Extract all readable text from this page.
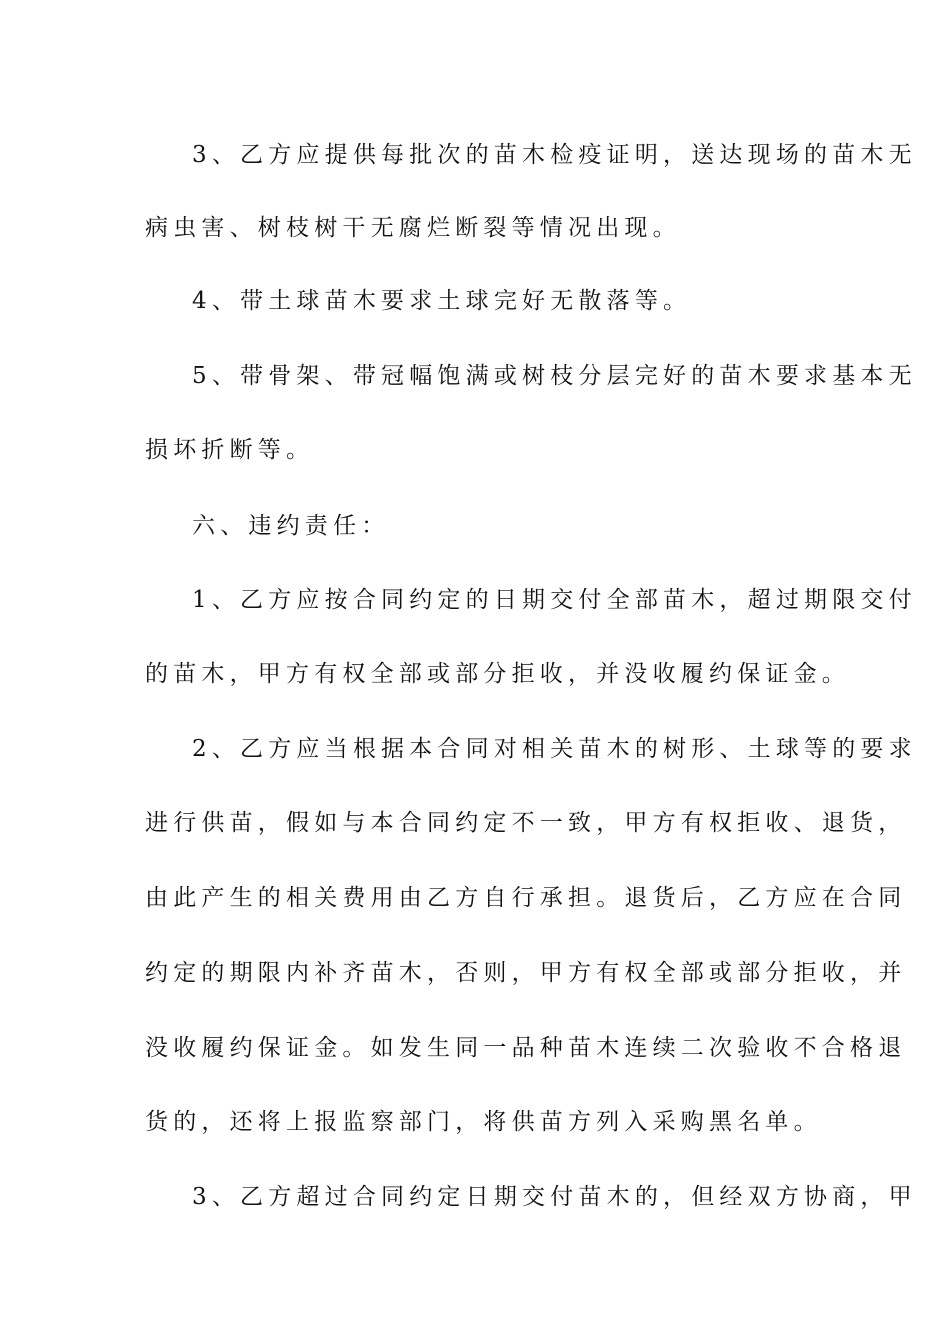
3、乙方应提供每批次的苗木检疫证明，送达现场的苗木无
病虫害、树枝树干无腐烂断裂等情况出现。
4、带土球苗木要求土球完好无散落等。
5、带骨架、带冠幅饱满或树枝分层完好的苗木要求基本无
损坏折断等。
六、违约责任：
1、乙方应按合同约定的日期交付全部苗木，超过期限交付
的苗木，甲方有权全部或部分拒收，并没收履约保证金。
2、乙方应当根据本合同对相关苗木的树形、土球等的要求
进行供苗，假如与本合同约定不一致，甲方有权拒收、退货，
由此产生的相关费用由乙方自行承担。退货后，乙方应在合同
约定的期限内补齐苗木，否则，甲方有权全部或部分拒收，并
没收履约保证金。如发生同一品种苗木连续二次验收不合格退
货的，还将上报监察部门，将供苗方列入采购黑名单。
3、乙方超过合同约定日期交付苗木的，但经双方协商，甲
